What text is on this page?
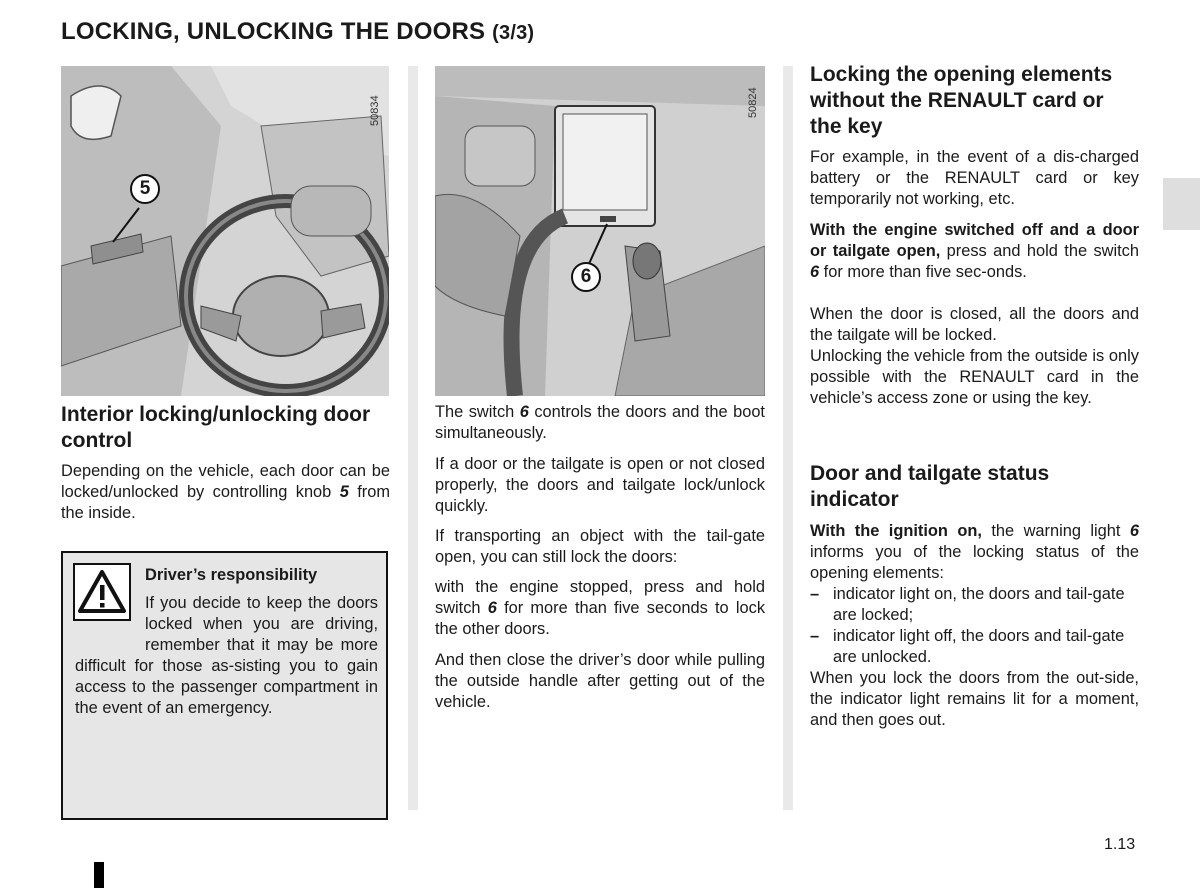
LOCKING, UNLOCKING THE DOORS (3/3)
50834
5
50824
6
Interior locking/unlocking door control

Depending on the vehicle, each door can be locked/unlocked by controlling knob 5 from the inside.

Driver’s responsibility
If you decide to keep the doors locked when you are driving, remember that it may be more difficult for those as-sisting you to gain access to the passenger compartment in the event of an emergency.

The switch 6 controls the doors and the boot simultaneously.

If a door or the tailgate is open or not closed properly, the doors and tailgate lock/unlock quickly.

If transporting an object with the tail-gate open, you can still lock the doors:

with the engine stopped, press and hold switch 6 for more than five seconds to lock the other doors.

And then close the driver’s door while pulling the outside handle after getting out of the vehicle.

Locking the opening elements without the RENAULT card or the key

For example, in the event of a dis-charged battery or the RENAULT card or key temporarily not working, etc.

With the engine switched off and a door or tailgate open, press and hold the switch 6 for more than five sec-onds.

When the door is closed, all the doors and the tailgate will be locked.

Unlocking the vehicle from the outside is only possible with the RENAULT card in the vehicle’s access zone or using the key.

Door and tailgate status indicator

With the ignition on, the warning light 6 informs you of the locking status of the opening elements:

– indicator light on, the doors and tail-gate are locked;
– indicator light off, the doors and tail-gate are unlocked.

When you lock the doors from the out-side, the indicator light remains lit for a moment, and then goes out.

1.13
